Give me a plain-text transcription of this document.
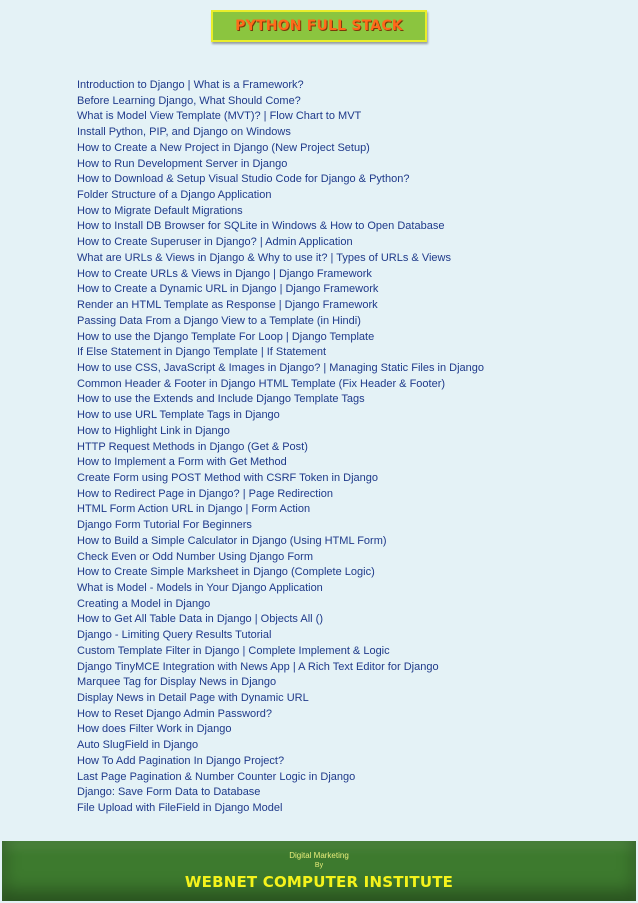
PYTHON FULL STACK
Introduction to Django | What is a Framework?
Before Learning Django, What Should Come?
What is Model View Template (MVT)? | Flow Chart to MVT
Install Python, PIP, and Django on Windows
How to Create a New Project in Django (New Project Setup)
How to Run Development Server in Django
How to Download & Setup Visual Studio Code for Django & Python?
Folder Structure of a Django Application
How to Migrate Default Migrations
How to Install DB Browser for SQLite in Windows & How to Open Database
How to Create Superuser in Django? | Admin Application
What are URLs & Views in Django & Why to use it? | Types of URLs & Views
How to Create URLs & Views in Django | Django Framework
How to Create a Dynamic URL in Django | Django Framework
Render an HTML Template as Response | Django Framework
Passing Data From a Django View to a Template (in Hindi)
How to use the Django Template For Loop | Django Template
If Else Statement in Django Template | If Statement
How to use CSS, JavaScript & Images in Django? | Managing Static Files in Django
Common Header & Footer in Django HTML Template (Fix Header & Footer)
How to use the Extends and Include Django Template Tags
How to use URL Template Tags in Django
How to Highlight Link in Django
HTTP Request Methods in Django (Get & Post)
How to Implement a Form with Get Method
Create Form using POST Method with CSRF Token in Django
How to Redirect Page in Django? | Page Redirection
HTML Form Action URL in Django | Form Action
Django Form Tutorial For Beginners
How to Build a Simple Calculator in Django (Using HTML Form)
Check Even or Odd Number Using Django Form
How to Create Simple Marksheet in Django (Complete Logic)
What is Model - Models in Your Django Application
Creating a Model in Django
How to Get All Table Data in Django | Objects All ()
Django - Limiting Query Results Tutorial
Custom Template Filter in Django | Complete Implement & Logic
Django TinyMCE Integration with News App | A Rich Text Editor for Django
Marquee Tag for Display News in Django
Display News in Detail Page with Dynamic URL
How to Reset Django Admin Password?
How does Filter Work in Django
Auto SlugField in Django
How To Add Pagination In Django Project?
Last Page Pagination & Number Counter Logic in Django
Django: Save Form Data to Database
File Upload with FileField in Django Model
Digital Marketing
By
WEBNET COMPUTER INSTITUTE
